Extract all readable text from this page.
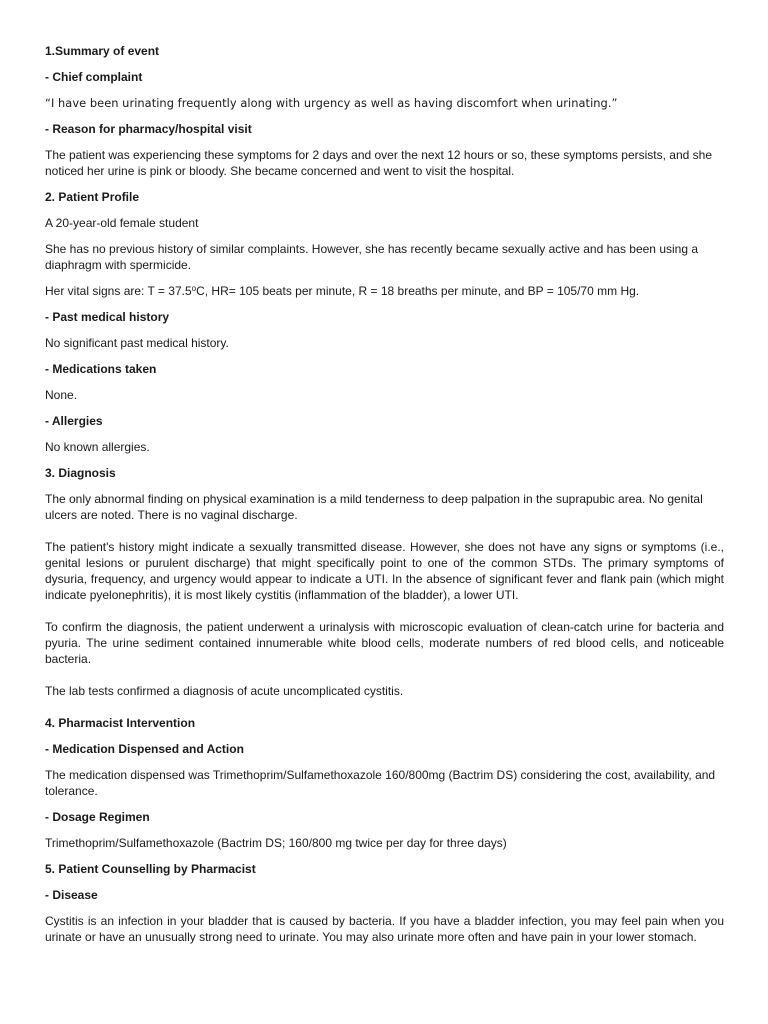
1.Summary of event
- Chief complaint
“I have been urinating frequently along with urgency as well as having discomfort when urinating.”
- Reason for pharmacy/hospital visit
The patient was experiencing these symptoms for 2 days and over the next 12 hours or so, these symptoms persists, and she noticed her urine is pink or bloody. She became concerned and went to visit the hospital.
2. Patient Profile
A 20-year-old female student
She has no previous history of similar complaints. However, she has recently became sexually active and has been using a diaphragm with spermicide.
Her vital signs are: $T = 37.5^oC$, HR= 105 beats per minute, R = 18 breaths per minute, and BP = 105/70 mm Hg.
- Past medical history
No significant past medical history.
- Medications taken
None.
- Allergies
No known allergies.
3. Diagnosis
The only abnormal finding on physical examination is a mild tenderness to deep palpation in the suprapubic area. No genital ulcers are noted. There is no vaginal discharge.
The patient's history might indicate a sexually transmitted disease. However, she does not have any signs or symptoms (i.e., genital lesions or purulent discharge) that might specifically point to one of the common STDs. The primary symptoms of dysuria, frequency, and urgency would appear to indicate a UTI. In the absence of significant fever and flank pain (which might indicate pyelonephritis), it is most likely cystitis (inflammation of the bladder), a lower UTI.
To confirm the diagnosis, the patient underwent a urinalysis with microscopic evaluation of clean-catch urine for bacteria and pyuria. The urine sediment contained innumerable white blood cells, moderate numbers of red blood cells, and noticeable bacteria.
The lab tests confirmed a diagnosis of acute uncomplicated cystitis.
4. Pharmacist Intervention
- Medication Dispensed and Action
The medication dispensed was Trimethoprim/Sulfamethoxazole 160/800mg (Bactrim DS) considering the cost, availability, and tolerance.
- Dosage Regimen
Trimethoprim/Sulfamethoxazole (Bactrim DS; 160/800 mg twice per day for three days)
5. Patient Counselling by Pharmacist
- Disease
Cystitis is an infection in your bladder that is caused by bacteria. If you have a bladder infection, you may feel pain when you urinate or have an unusually strong need to urinate. You may also urinate more often and have pain in your lower stomach.
